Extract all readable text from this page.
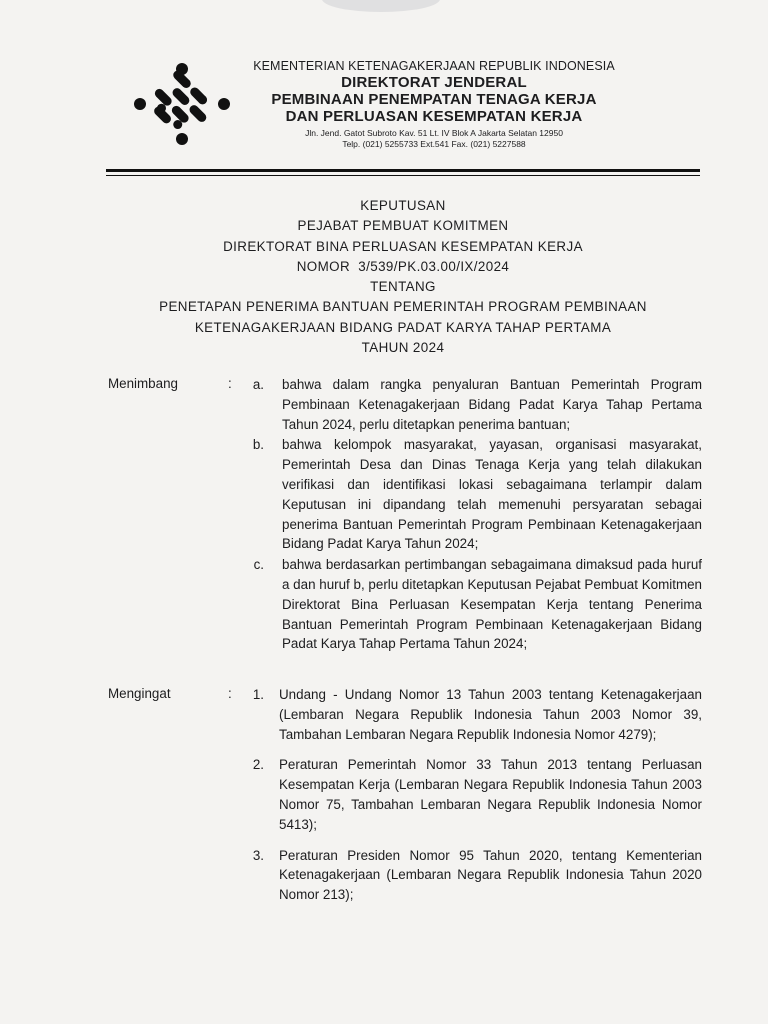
KEMENTERIAN KETENAGAKERJAAN REPUBLIK INDONESIA
DIREKTORAT JENDERAL
PEMBINAAN PENEMPATAN TENAGA KERJA
DAN PERLUASAN KESEMPATAN KERJA
Jln. Jend. Gatot Subroto Kav. 51 Lt. IV Blok A Jakarta Selatan 12950
Telp. (021) 5255733 Ext.541 Fax. (021) 5227588
KEPUTUSAN
PEJABAT PEMBUAT KOMITMEN
DIREKTORAT BINA PERLUASAN KESEMPATAN KERJA
NOMOR  3/539/PK.03.00/IX/2024
TENTANG
PENETAPAN PENERIMA BANTUAN PEMERINTAH PROGRAM PEMBINAAN
KETENAGAKERJAAN BIDANG PADAT KARYA TAHAP PERTAMA
TAHUN 2024
Menimbang	:	a.	bahwa dalam rangka penyaluran Bantuan Pemerintah Program Pembinaan Ketenagakerjaan Bidang Padat Karya Tahap Pertama Tahun 2024, perlu ditetapkan penerima bantuan;
b.	bahwa kelompok masyarakat, yayasan, organisasi masyarakat, Pemerintah Desa dan Dinas Tenaga Kerja yang telah dilakukan verifikasi dan identifikasi lokasi sebagaimana terlampir dalam Keputusan ini dipandang telah memenuhi persyaratan sebagai penerima Bantuan Pemerintah Program Pembinaan Ketenagakerjaan Bidang Padat Karya Tahun 2024;
c.	bahwa berdasarkan pertimbangan sebagaimana dimaksud pada huruf a dan huruf b, perlu ditetapkan Keputusan Pejabat Pembuat Komitmen Direktorat Bina Perluasan Kesempatan Kerja tentang Penerima Bantuan Pemerintah Program Pembinaan Ketenagakerjaan Bidang Padat Karya Tahap Pertama Tahun 2024;
Mengingat	:	1.	Undang - Undang Nomor 13 Tahun 2003 tentang Ketenagakerjaan (Lembaran Negara Republik Indonesia Tahun 2003 Nomor 39, Tambahan Lembaran Negara Republik Indonesia Nomor 4279);
2.	Peraturan Pemerintah Nomor 33 Tahun 2013 tentang Perluasan Kesempatan Kerja (Lembaran Negara Republik Indonesia Tahun 2003 Nomor 75, Tambahan Lembaran Negara Republik Indonesia Nomor 5413);
3.	Peraturan Presiden Nomor 95 Tahun 2020, tentang Kementerian Ketenagakerjaan (Lembaran Negara Republik Indonesia Tahun 2020 Nomor 213);
